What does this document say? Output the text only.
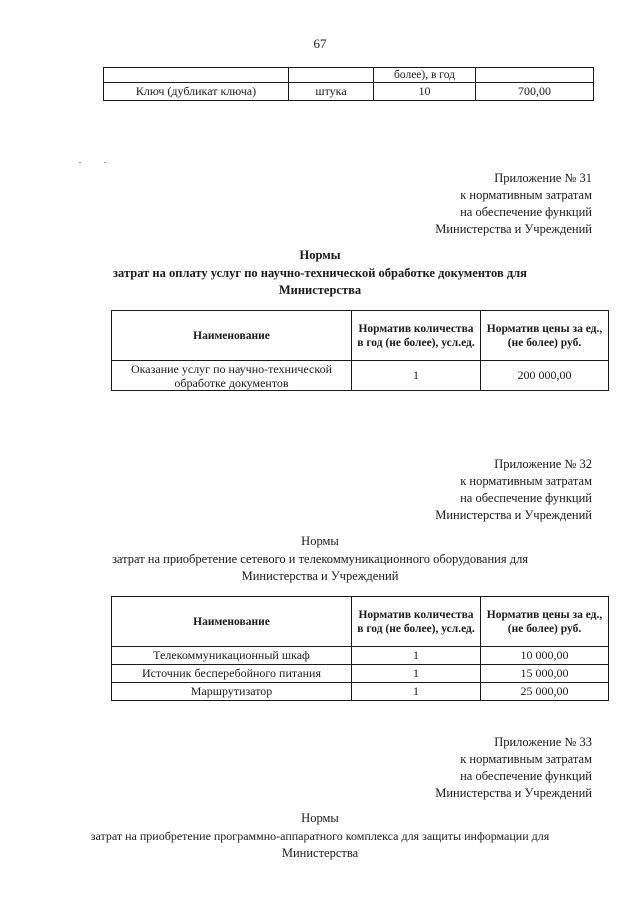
67
		более), в год	
Ключ (дубликат ключа)	штука	10	700,00
Приложение № 31
к нормативным затратам
на обеспечение функций
Министерства и Учреждений
Нормы
затрат на оплату услуг по научно-технической обработке документов для
Министерства
Наименование	Норматив количества в год (не более), усл.ед.	Норматив цены за ед., (не более) руб.
Оказание услуг по научно-технической обработке документов	1	200 000,00
Приложение № 32
к нормативным затратам
на обеспечение функций
Министерства и Учреждений
Нормы
затрат на приобретение сетевого и телекоммуникационного оборудования для
Министерства и Учреждений
Наименование	Норматив количества в год (не более), усл.ед.	Норматив цены за ед., (не более) руб.
Телекоммуникационный шкаф	1	10 000,00
Источник бесперебойного питания	1	15 000,00
Маршрутизатор	1	25 000,00
Приложение № 33
к нормативным затратам
на обеспечение функций
Министерства и Учреждений
Нормы
затрат на приобретение программно-аппаратного комплекса для защиты информации для
Министерства
